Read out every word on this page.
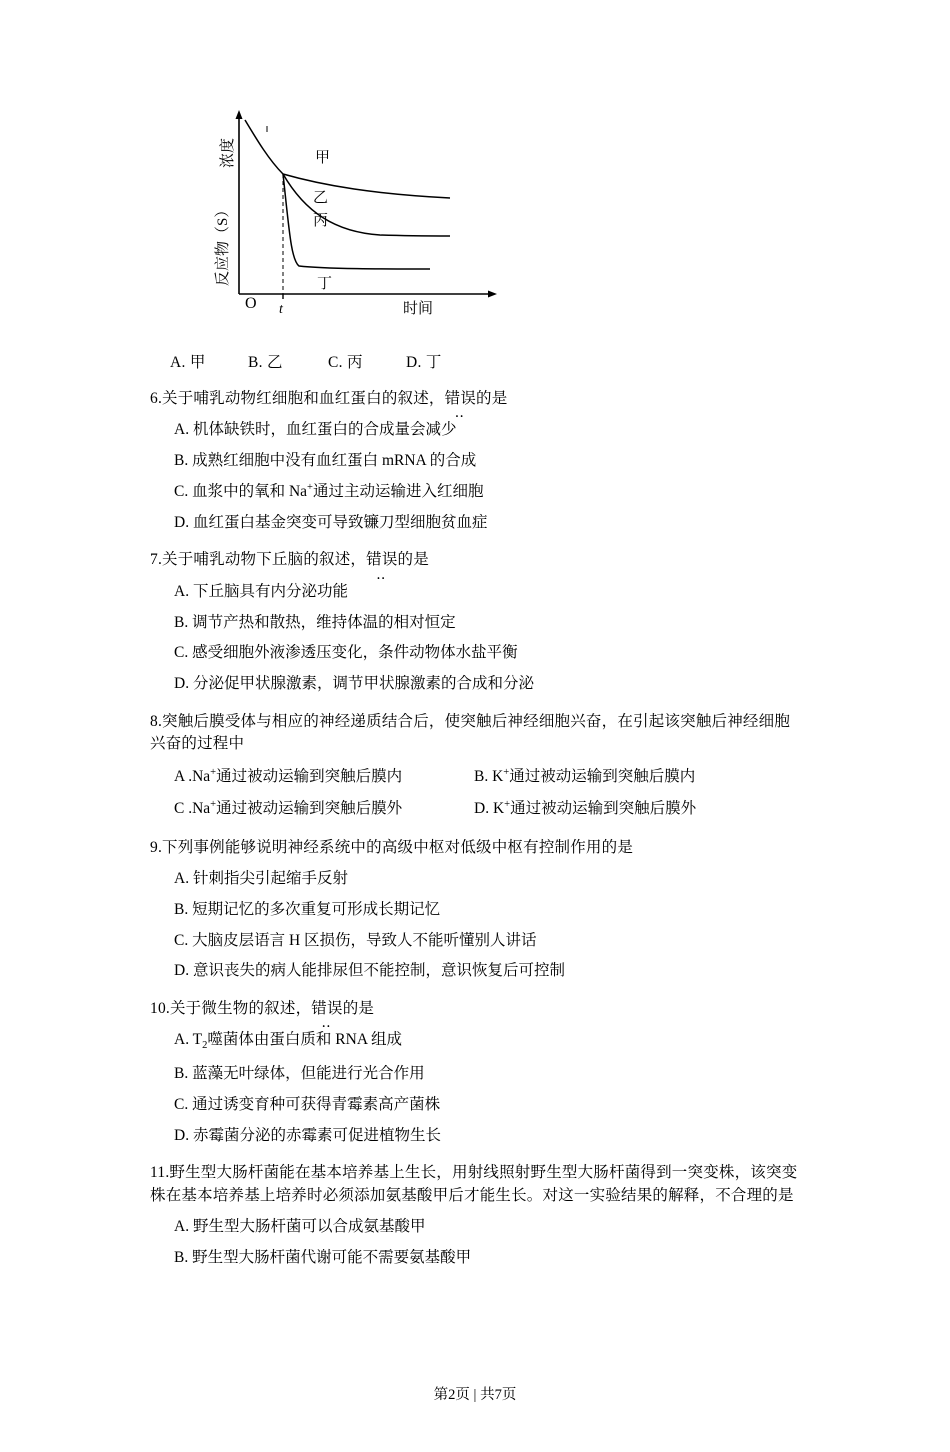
甲
乙
丙
丁
O t	时间
浓度
反应物（S）
A. 甲	B. 乙	C. 丙	D. 丁
6.关于哺乳动物红细胞和血红蛋白的叙述，错误 ‥的是
A. 机体缺铁时，血红蛋白的合成量会减少
B. 成熟红细胞中没有血红蛋白 mRNA 的合成
C. 血浆中的氧和 Na+通过主动运输进入红细胞
D. 血红蛋白基金突变可导致镰刀型细胞贫血症
7.关于哺乳动物下丘脑的叙述，错误 ‥的是
A. 下丘脑具有内分泌功能
B. 调节产热和散热，维持体温的相对恒定
C. 感受细胞外液渗透压变化，条件动物体水盐平衡
D. 分泌促甲状腺激素，调节甲状腺激素的合成和分泌
8.突触后膜受体与相应的神经递质结合后，使突触后神经细胞兴奋，在引起该突触后神经细胞兴奋的过程中
A .Na+通过被动运输到突触后膜内	B. K+通过被动运输到突触后膜内
C .Na+通过被动运输到突触后膜外	D. K+通过被动运输到突触后膜外
9.下列事例能够说明神经系统中的高级中枢对低级中枢有控制作用的是
A. 针刺指尖引起缩手反射
B. 短期记忆的多次重复可形成长期记忆
C. 大脑皮层语言 H 区损伤，导致人不能听懂别人讲话
D. 意识丧失的病人能排尿但不能控制，意识恢复后可控制
10.关于微生物的叙述，错误 ‥的是
A. $T_2$噬菌体由蛋白质和 RNA 组成
B. 蓝藻无叶绿体，但能进行光合作用
C. 通过诱变育种可获得青霉素高产菌株
D. 赤霉菌分泌的赤霉素可促进植物生长
11.野生型大肠杆菌能在基本培养基上生长，用射线照射野生型大肠杆菌得到一突变株，该突变株在基本培养基上培养时必须添加氨基酸甲后才能生长。对这一实验结果的解释，不合理的是
A. 野生型大肠杆菌可以合成氨基酸甲
B. 野生型大肠杆菌代谢可能不需要氨基酸甲
第2页 | 共7页
